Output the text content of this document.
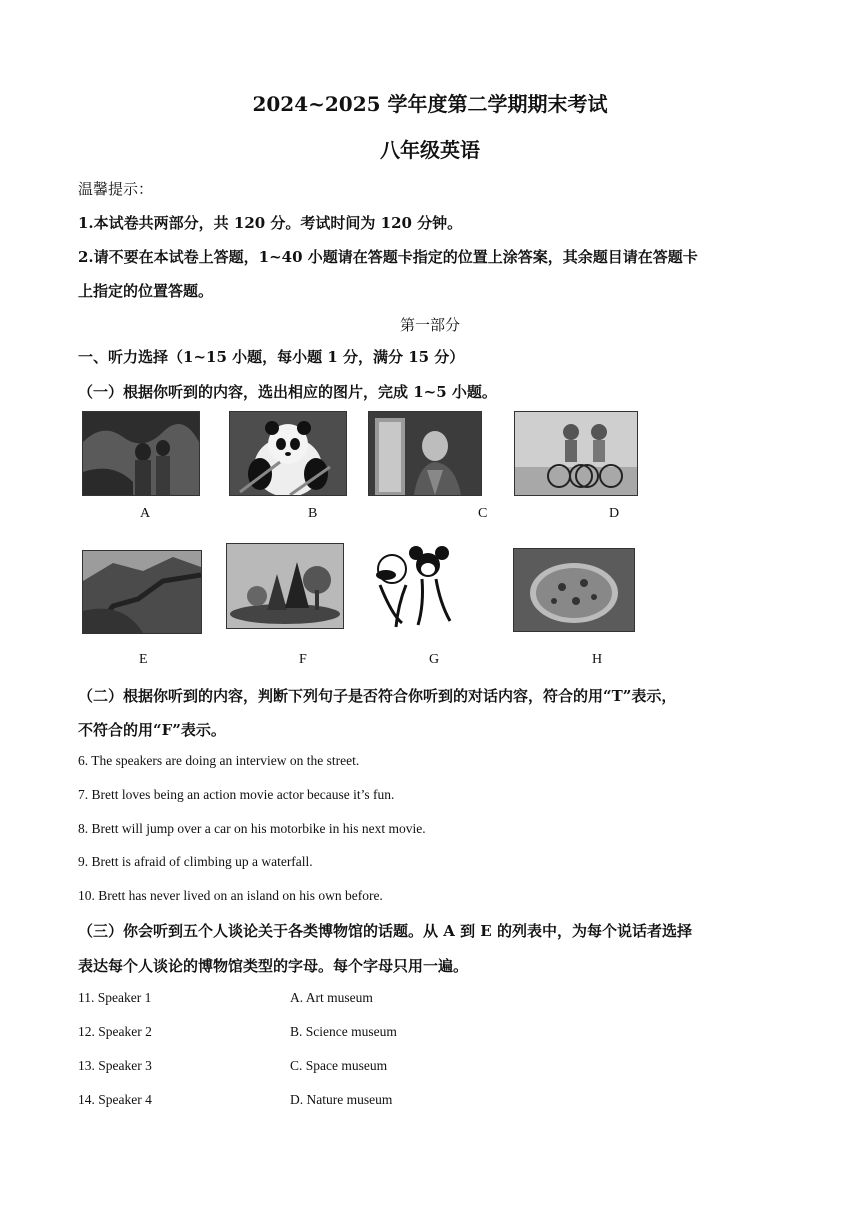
2024~2025 学年度第二学期期末考试
八年级英语
温馨提示：
1.本试卷共两部分，共 120 分。考试时间为 120 分钟。
2.请不要在本试卷上答题，1~40 小题请在答题卡指定的位置上涂答案，其余题目请在答题卡
上指定的位置答题。
第一部分
一、听力选择（1~15 小题，每小题 1 分，满分 15 分）
（一）根据你听到的内容，选出相应的图片，完成 1~5 小题。
A	B	C	D
E	F	G	H
（二）根据你听到的内容，判断下列句子是否符合你听到的对话内容，符合的用“T”表示，
不符合的用“F”表示。
6. The speakers are doing an interview on the street.
7. Brett loves being an action movie actor because it’s fun.
8. Brett will jump over a car on his motorbike in his next movie.
9. Brett is afraid of climbing up a waterfall.
10. Brett has never lived on an island on his own before.
（三）你会听到五个人谈论关于各类博物馆的话题。从 A 到 E 的列表中，为每个说话者选择
表达每个人谈论的博物馆类型的字母。每个字母只用一遍。
11. Speaker 1	A. Art museum
12. Speaker 2	B. Science museum
13. Speaker 3	C. Space museum
14. Speaker 4	D. Nature museum
